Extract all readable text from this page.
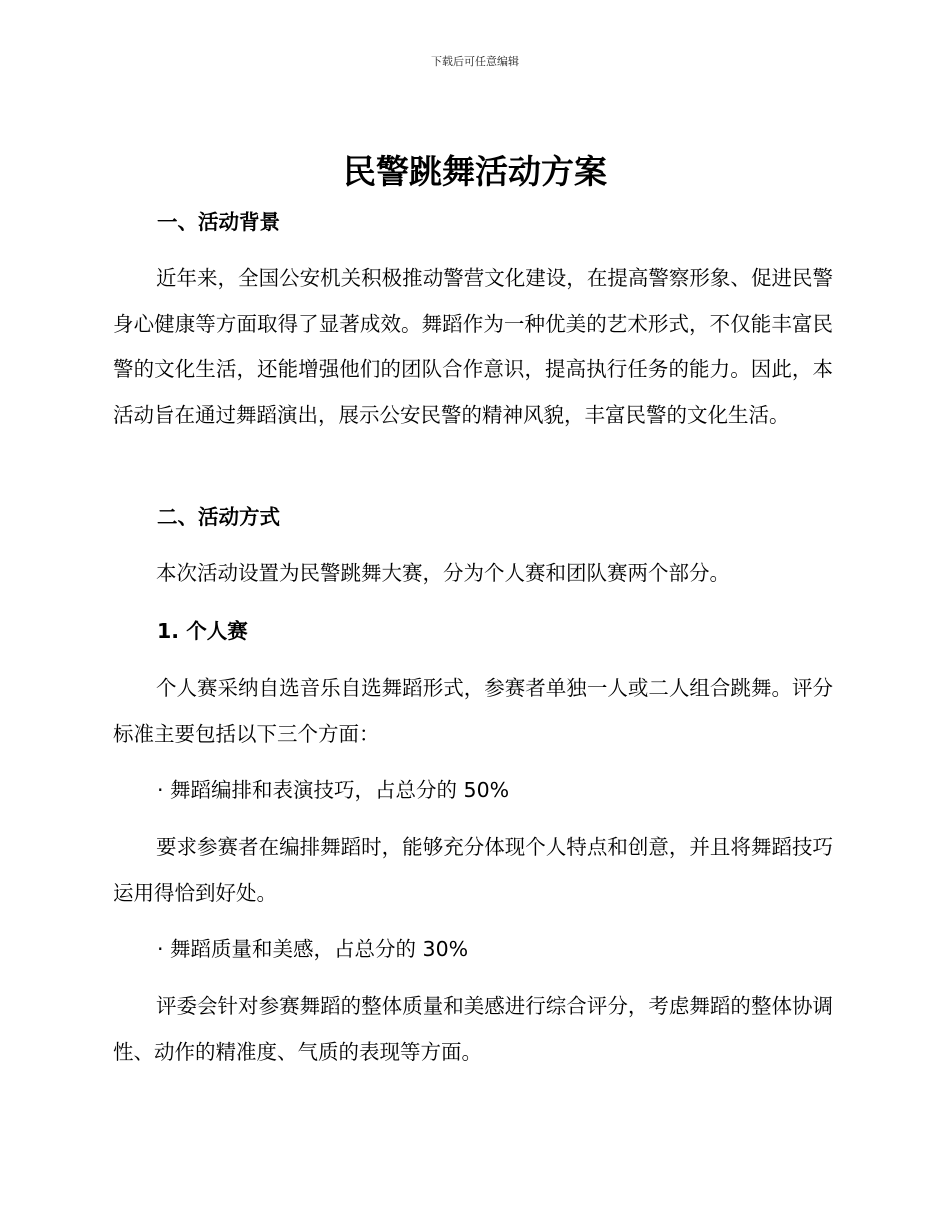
下载后可任意编辑
民警跳舞活动方案
一、活动背景

近年来，全国公安机关积极推动警营文化建设，在提高警察形象、促进民警身心健康等方面取得了显著成效。舞蹈作为一种优美的艺术形式，不仅能丰富民警的文化生活，还能增强他们的团队合作意识，提高执行任务的能力。因此，本活动旨在通过舞蹈演出，展示公安民警的精神风貌，丰富民警的文化生活。

二、活动方式

本次活动设置为民警跳舞大赛，分为个人赛和团队赛两个部分。

1. 个人赛

个人赛采纳自选音乐自选舞蹈形式，参赛者单独一人或二人组合跳舞。评分标准主要包括以下三个方面：

· 舞蹈编排和表演技巧，占总分的 50%

要求参赛者在编排舞蹈时，能够充分体现个人特点和创意，并且将舞蹈技巧运用得恰到好处。

· 舞蹈质量和美感，占总分的 30%

评委会针对参赛舞蹈的整体质量和美感进行综合评分，考虑舞蹈的整体协调性、动作的精准度、气质的表现等方面。
